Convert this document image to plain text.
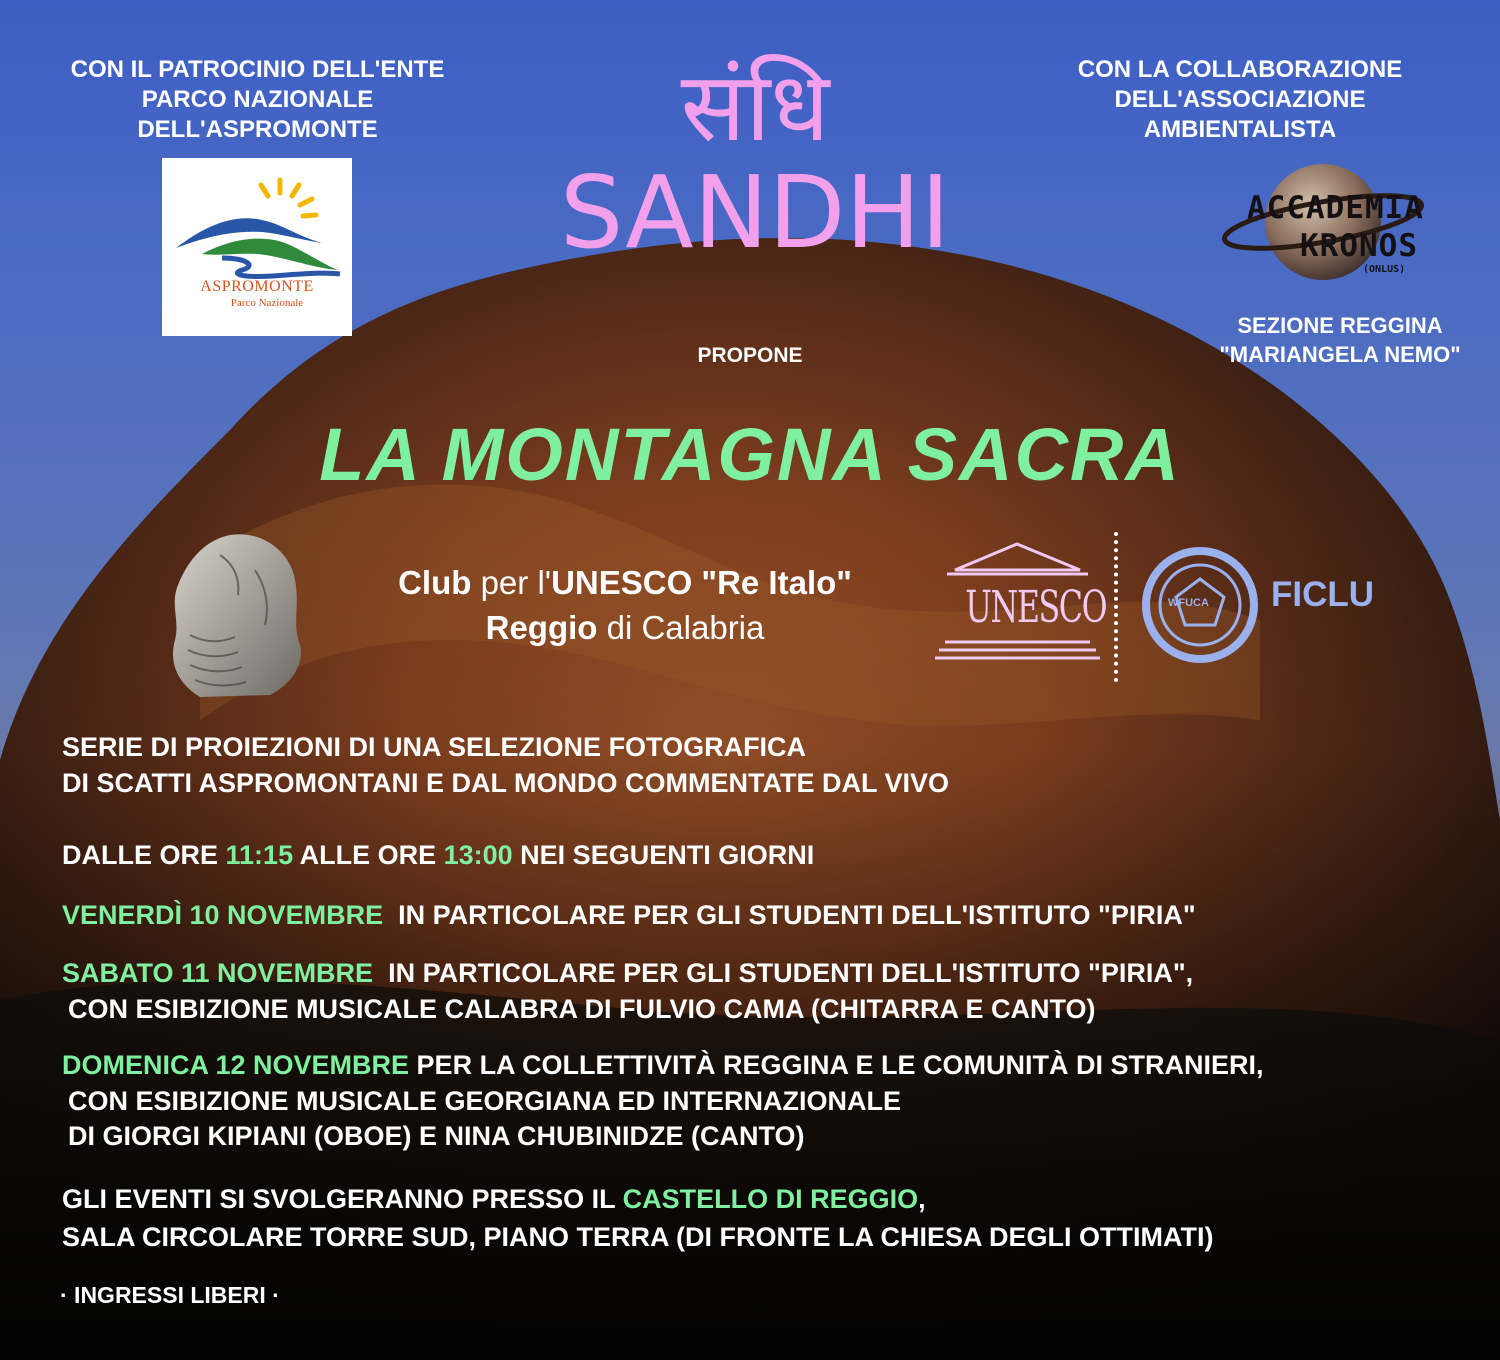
CON IL PATROCINIO DELL'ENTE
PARCO NAZIONALE
DELL'ASPROMONTE
ASPROMONTE
Parco Nazionale
संधि
SANDHI
CON LA COLLABORAZIONE
DELL'ASSOCIAZIONE
AMBIENTALISTA
ACCADEMIA
KRONOS
(ONLUS)
SEZIONE REGGINA
"MARIANGELA NEMO"
PROPONE
LA MONTAGNA SACRA
Club per l'UNESCO "Re Italo"
Reggio di Calabria	UNESCO	WFUCA FICLU
SERIE DI PROIEZIONI DI UNA SELEZIONE FOTOGRAFICA
DI SCATTI ASPROMONTANI E DAL MONDO COMMENTATE DAL VIVO
DALLE ORE 11:15 ALLE ORE 13:00 NEI SEGUENTI GIORNI
VENERDÌ 10 NOVEMBRE  IN PARTICOLARE PER GLI STUDENTI DELL'ISTITUTO "PIRIA"
SABATO 11 NOVEMBRE  IN PARTICOLARE PER GLI STUDENTI DELL'ISTITUTO "PIRIA",
CON ESIBIZIONE MUSICALE CALABRA DI FULVIO CAMA (CHITARRA E CANTO)
DOMENICA 12 NOVEMBRE PER LA COLLETTIVITÀ REGGINA E LE COMUNITÀ DI STRANIERI,
CON ESIBIZIONE MUSICALE GEORGIANA ED INTERNAZIONALE
DI GIORGI KIPIANI (OBOE) E NINA CHUBINIDZE (CANTO)
GLI EVENTI SI SVOLGERANNO PRESSO IL CASTELLO DI REGGIO,
SALA CIRCOLARE TORRE SUD, PIANO TERRA (DI FRONTE LA CHIESA DEGLI OTTIMATI)
· INGRESSI LIBERI ·
